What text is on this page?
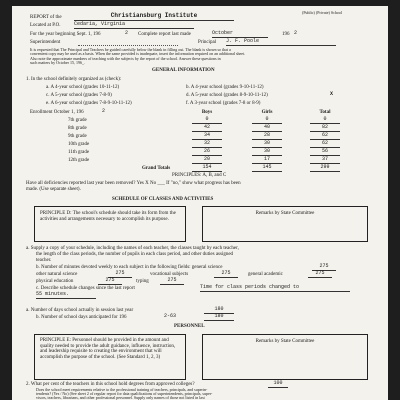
REPORT of the	Christiansburg Institute	(Public) (Private) School
Located at P.O.	Cedaria, Virginia
For the year beginning Sept. 1, 196	2 Complete report last made	October	196 2
Superintendent	Principal J. F. Poole
It is requested that The Principal and Teachers be guided carefully below the blank in filling out. The blank is shown so that a
convenient copy may be used as a basis. When the same provided is inadequate, insert the information required on an additional sheet.
Also note the approximate numbers of teaching with the subjects by the report of the school. Answer these questions in
such matters by October 15, 196_.
GENERAL INFORMATION
1. In the school definitely organized as (check):
a. A 4-year school (grades 10-11-12)	b. A 4-year school (grades 9-10-11-12)
c. A 5-year school (grades 7-8-9)	d. A 5-year school (grades 8-9-10-11-12)	X
e. A 6-year school (grades 7-8-9-10-11-12)	f. A 3-year school (grades 7-8 or 8-9)
Enrollment October 1, 196	2	Boys	Girls	Total
7th grade	0	0	0
8th grade	42	40	82
9th grade	34	28	62
10th grade	32	30	62
11th grade	26	30	56
12th grade	20	17	37
Grand Totals	154	145	299
PRINCIPLES: A, B, and C
Have all deficiencies reported last year been removed? Yes X No ___ If "no," show what progress has been
made. (Use separate sheet).
SCHEDULE OF CLASSES AND ACTIVITIES
PRINCIPLE D: The school's schedule should take its form from the activities and arrangements necessary to accomplish its purpose.
Remarks by State Committee
a. Supply a copy of your schedule, including the names of each teacher, the classes taught by each teacher,
the length of the class periods, the number of pupils in each class period, and other duties assigned
teacher.
b. Number of minutes devoted weekly to each subject in the following fields: general science	275
other natural science	275	vocational subjects	275	general academic	275
physical education	275	typing	275
c. Describe schedule changes since the last report	Time for class periods changed to
55 minutes.
a. Number of days school actually in session last year	180
b. Number of school days anticipated for 196	2-63	180
PERSONNEL
PRINCIPLE E: Personnel should be provided in the amount and quality needed to provide the adult guidance, influence, instruction, and leadership requisite to creating the environment that will accomplish the purpose of the school. (See Standard 1, 2, 3)
Remarks by State Committee
2. What per cent of the teachers in this school hold degrees from approved colleges?	100
Does the school meet requirements relative to the professional training of teachers, principals, and superin-
tendents? (Yes / No) (See sheet 2 of regular report for data qualifications of superintendents, principals, super-
visors, teachers, librarians, and other professional personnel. Supply only names of those not listed in last
